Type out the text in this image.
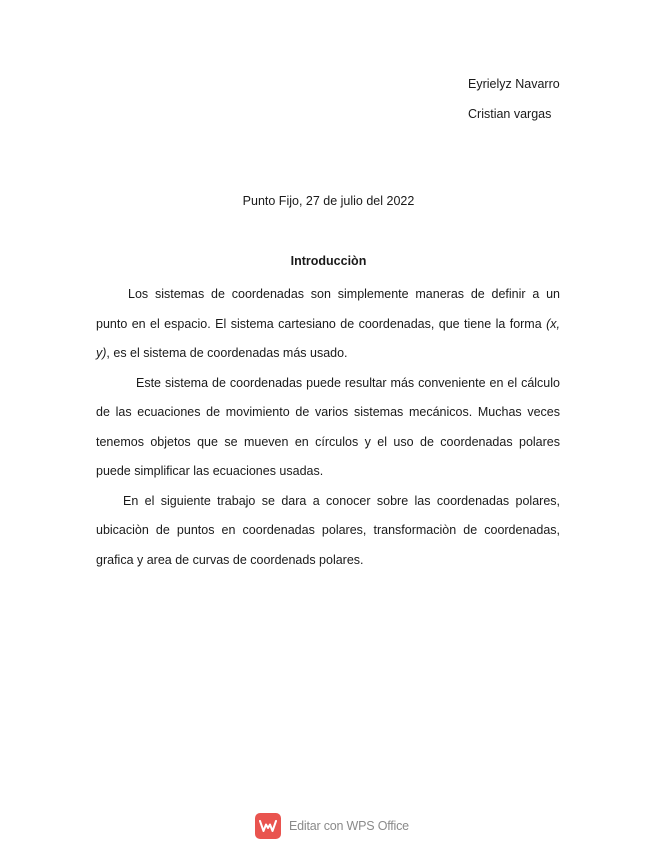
Eyrielyz Navarro
Cristian vargas
Punto Fijo, 27 de julio del 2022
Introducciòn

Los sistemas de coordenadas son simplemente maneras de definir a un punto en el espacio. El sistema cartesiano de coordenadas, que tiene la forma (x, y), es el sistema de coordenadas más usado.

Este sistema de coordenadas puede resultar más conveniente en el cálculo de las ecuaciones de movimiento de varios sistemas mecánicos. Muchas veces tenemos objetos que se mueven en círculos y el uso de coordenadas polares puede simplificar las ecuaciones usadas.

En el siguiente trabajo se dara a conocer sobre las coordenadas polares, ubicaciòn de puntos en coordenadas polares, transformaciòn de coordenadas, grafica y area de curvas de coordenads polares.

Editar con WPS Office
